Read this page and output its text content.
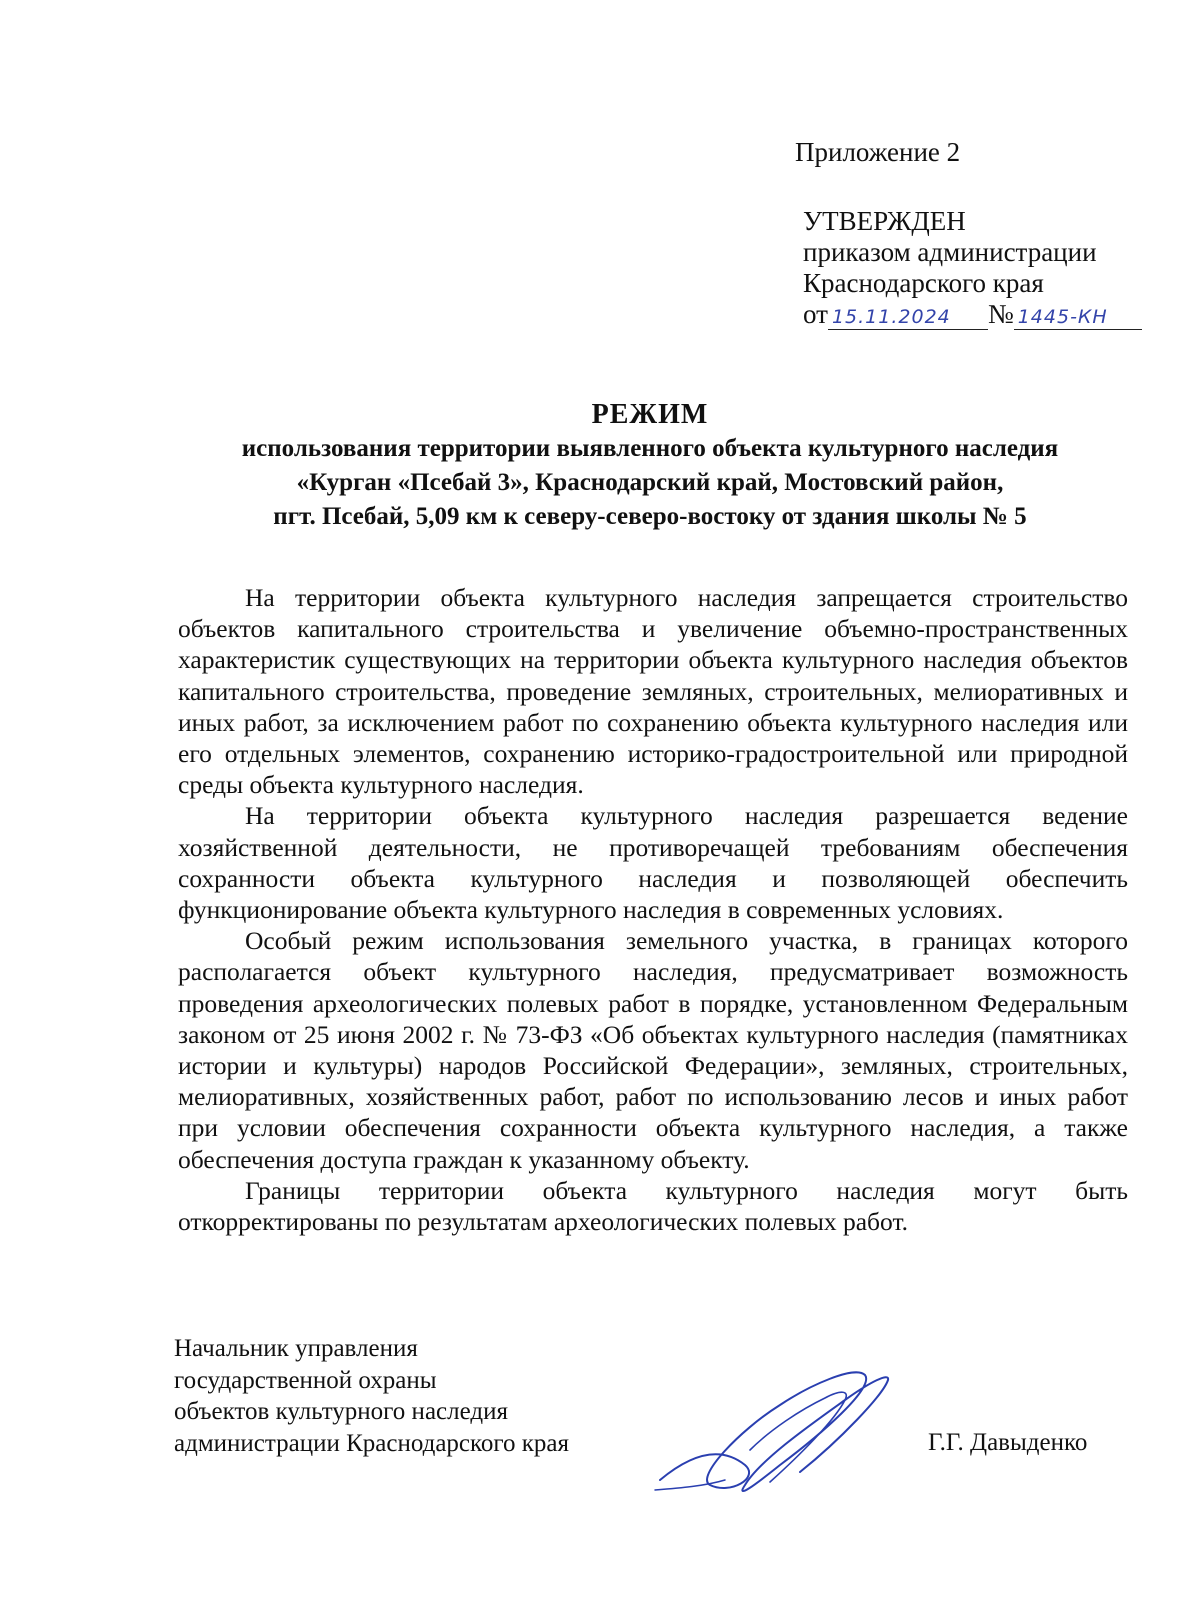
Приложение 2
УТВЕРЖДЕН
приказом администрации
Краснодарского края
от 15.11.2024 № 1445-КН
РЕЖИМ
использования территории выявленного объекта культурного наследия
«Курган «Псебай 3», Краснодарский край, Мостовский район,
пгт. Псебай, 5,09 км к северу-северо-востоку от здания школы № 5

На территории объекта культурного наследия запрещается строительство объектов капитального строительства и увеличение объемно-пространственных характеристик существующих на территории объекта культурного наследия объектов капитального строительства, проведение земляных, строительных, мелиоративных и иных работ, за исключением работ по сохранению объекта культурного наследия или его отдельных элементов, сохранению историко-градостроительной или природной среды объекта культурного наследия.

На территории объекта культурного наследия разрешается ведение хозяйственной деятельности, не противоречащей требованиям обеспечения сохранности объекта культурного наследия и позволяющей обеспечить функционирование объекта культурного наследия в современных условиях.

Особый режим использования земельного участка, в границах которого располагается объект культурного наследия, предусматривает возможность проведения археологических полевых работ в порядке, установленном Федеральным законом от 25 июня 2002 г. № 73-ФЗ «Об объектах культурного наследия (памятниках истории и культуры) народов Российской Федерации», земляных, строительных, мелиоративных, хозяйственных работ, работ по использованию лесов и иных работ при условии обеспечения сохранности объекта культурного наследия, а также обеспечения доступа граждан к указанному объекту.

Границы территории объекта культурного наследия могут быть откорректированы по результатам археологических полевых работ.

Начальник управления
государственной охраны
объектов культурного наследия
администрации Краснодарского края	Г.Г. Давыденко
